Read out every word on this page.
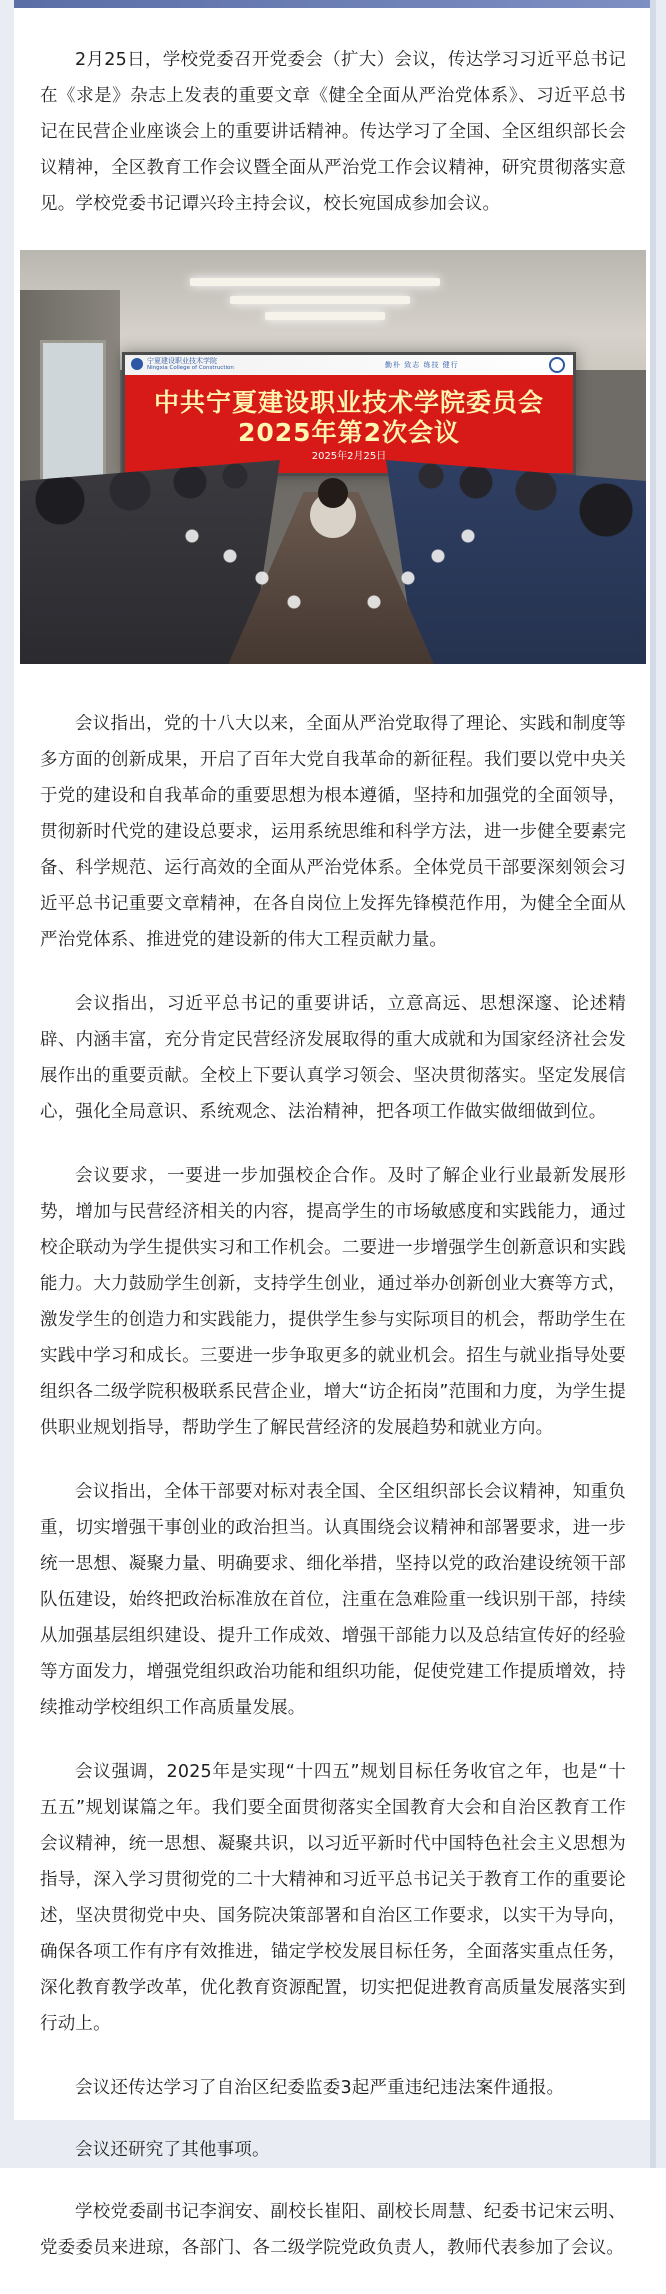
2月25日，学校党委召开党委会（扩大）会议，传达学习习近平总书记在《求是》杂志上发表的重要文章《健全全面从严治党体系》、习近平总书记在民营企业座谈会上的重要讲话精神。传达学习了全国、全区组织部长会议精神，全区教育工作会议暨全面从严治党工作会议精神，研究贯彻落实意见。学校党委书记谭兴玲主持会议，校长宛国成参加会议。

宁夏建设职业技术学院
Ningxia College of Construction	勤朴 致志 练技 健行
中共宁夏建设职业技术学院委员会
2025年第2次会议
2025年2月25日

会议指出，党的十八大以来，全面从严治党取得了理论、实践和制度等多方面的创新成果，开启了百年大党自我革命的新征程。我们要以党中央关于党的建设和自我革命的重要思想为根本遵循，坚持和加强党的全面领导，贯彻新时代党的建设总要求，运用系统思维和科学方法，进一步健全要素完备、科学规范、运行高效的全面从严治党体系。全体党员干部要深刻领会习近平总书记重要文章精神，在各自岗位上发挥先锋模范作用，为健全全面从严治党体系、推进党的建设新的伟大工程贡献力量。

会议指出，习近平总书记的重要讲话，立意高远、思想深邃、论述精辟、内涵丰富，充分肯定民营经济发展取得的重大成就和为国家经济社会发展作出的重要贡献。全校上下要认真学习领会、坚决贯彻落实。坚定发展信心，强化全局意识、系统观念、法治精神，把各项工作做实做细做到位。

会议要求，一要进一步加强校企合作。及时了解企业行业最新发展形势，增加与民营经济相关的内容，提高学生的市场敏感度和实践能力，通过校企联动为学生提供实习和工作机会。二要进一步增强学生创新意识和实践能力。大力鼓励学生创新，支持学生创业，通过举办创新创业大赛等方式，激发学生的创造力和实践能力，提供学生参与实际项目的机会，帮助学生在实践中学习和成长。三要进一步争取更多的就业机会。招生与就业指导处要组织各二级学院积极联系民营企业，增大“访企拓岗”范围和力度，为学生提供职业规划指导，帮助学生了解民营经济的发展趋势和就业方向。

会议指出，全体干部要对标对表全国、全区组织部长会议精神，知重负重，切实增强干事创业的政治担当。认真围绕会议精神和部署要求，进一步统一思想、凝聚力量、明确要求、细化举措，坚持以党的政治建设统领干部队伍建设，始终把政治标准放在首位，注重在急难险重一线识别干部，持续从加强基层组织建设、提升工作成效、增强干部能力以及总结宣传好的经验等方面发力，增强党组织政治功能和组织功能，促使党建工作提质增效，持续推动学校组织工作高质量发展。

会议强调，2025年是实现“十四五”规划目标任务收官之年，也是“十五五”规划谋篇之年。我们要全面贯彻落实全国教育大会和自治区教育工作会议精神，统一思想、凝聚共识，以习近平新时代中国特色社会主义思想为指导，深入学习贯彻党的二十大精神和习近平总书记关于教育工作的重要论述，坚决贯彻党中央、国务院决策部署和自治区工作要求，以实干为导向，确保各项工作有序有效推进，锚定学校发展目标任务，全面落实重点任务，深化教育教学改革，优化教育资源配置，切实把促进教育高质量发展落实到行动上。

会议还传达学习了自治区纪委监委3起严重违纪违法案件通报。

会议还研究了其他事项。

学校党委副书记李润安、副校长崔阳、副校长周慧、纪委书记宋云明、党委委员来进琼，各部门、各二级学院党政负责人，教师代表参加了会议。
